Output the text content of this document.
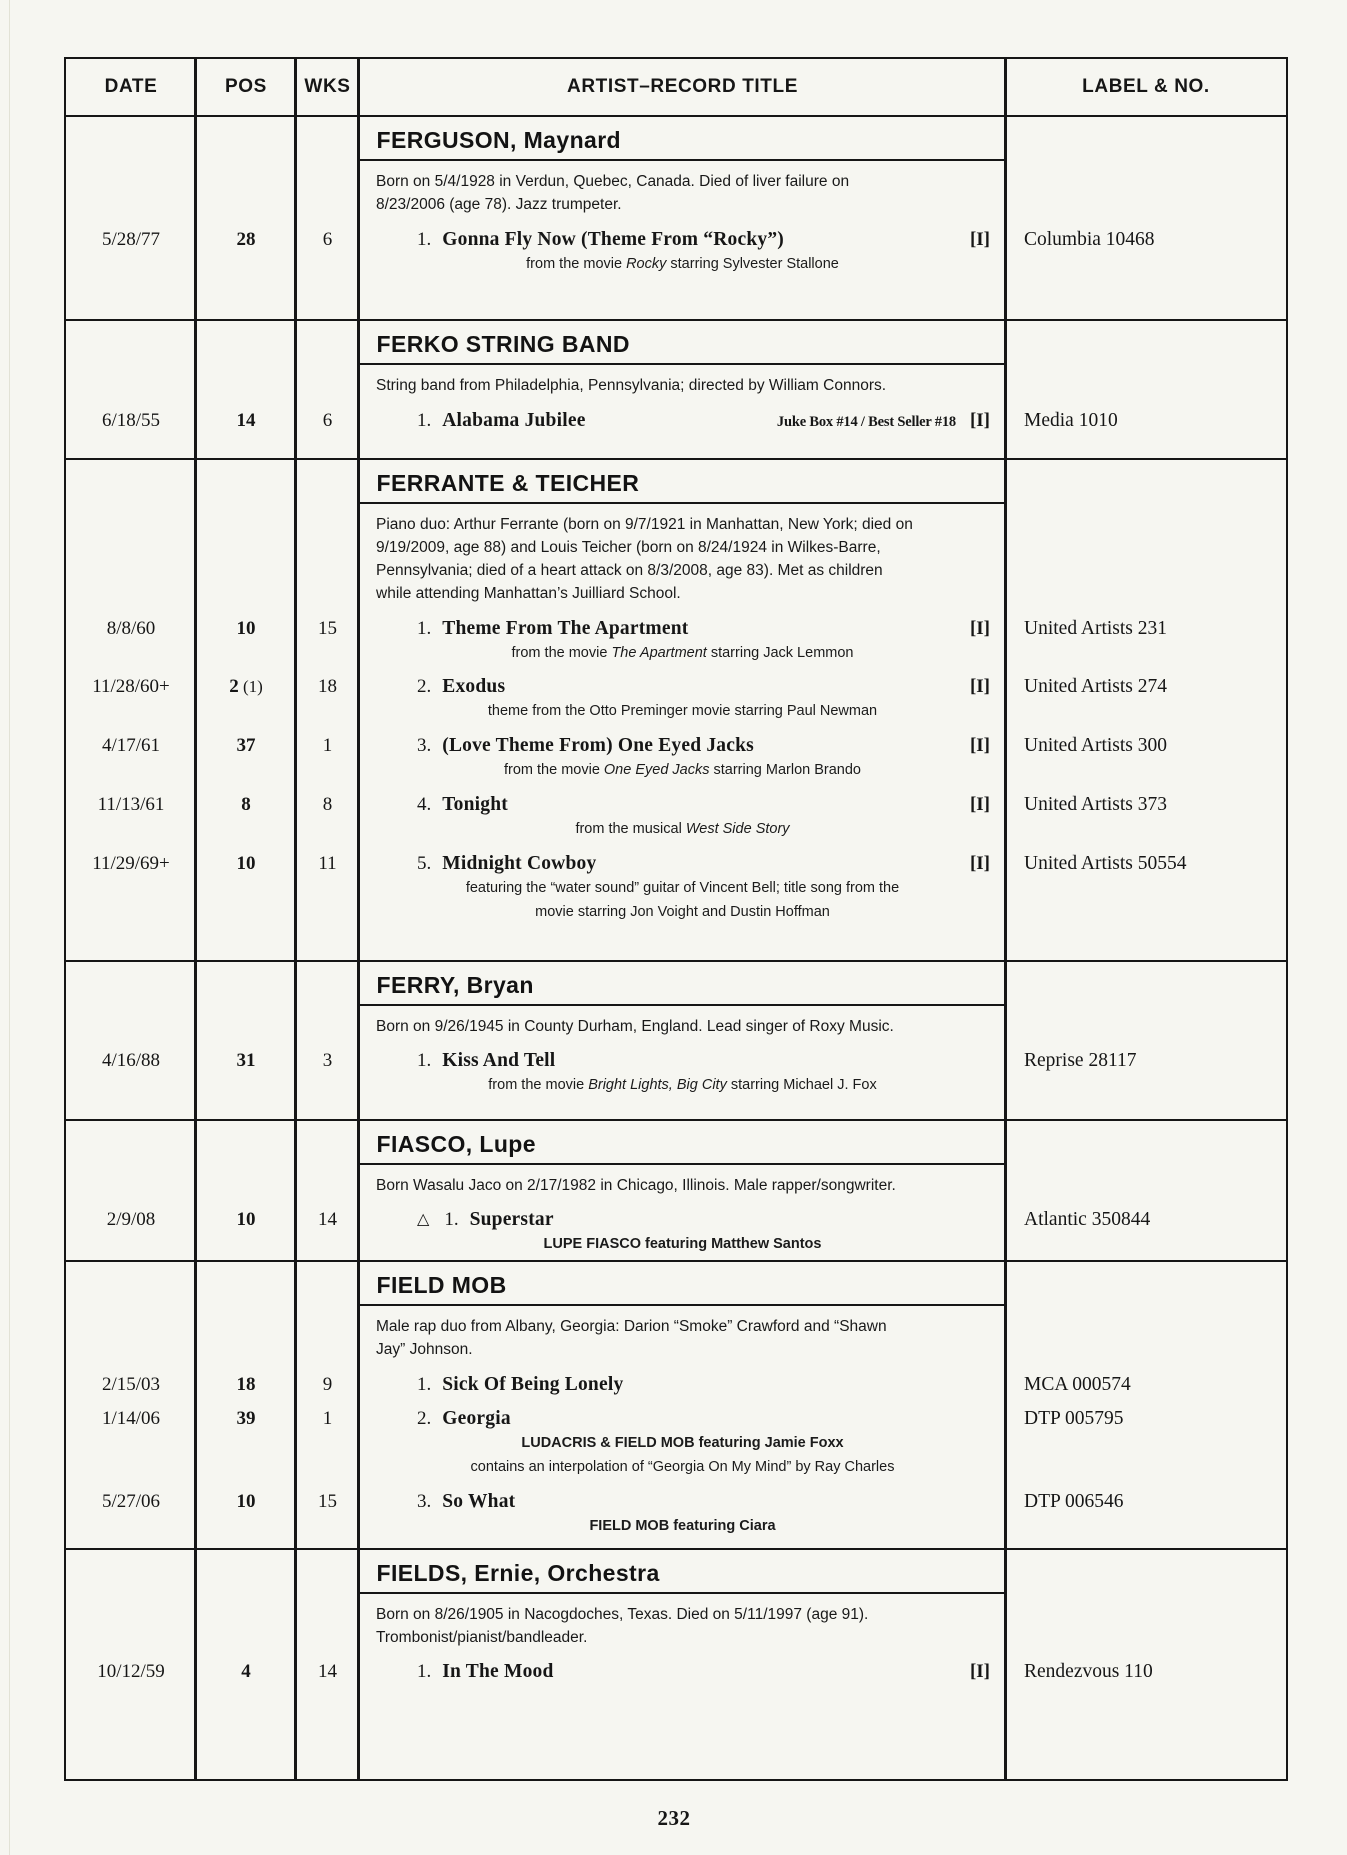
DATE	POS	WKS	ARTIST–RECORD TITLE	LABEL & NO.
FERGUSON, Maynard
Born on 5/4/1928 in Verdun, Quebec, Canada. Died of liver failure on
8/23/2006 (age 78). Jazz trumpeter.
5/28/77	28	6	1. Gonna Fly Now (Theme From “Rocky”)	[I]	Columbia 10468
from the movie Rocky starring Sylvester Stallone
FERKO STRING BAND
String band from Philadelphia, Pennsylvania; directed by William Connors.
6/18/55	14	6	1. Alabama Jubilee	Juke Box #14 / Best Seller #18 [I]	Media 1010
FERRANTE & TEICHER
Piano duo: Arthur Ferrante (born on 9/7/1921 in Manhattan, New York; died on
9/19/2009, age 88) and Louis Teicher (born on 8/24/1924 in Wilkes-Barre,
Pennsylvania; died of a heart attack on 8/3/2008, age 83). Met as children
while attending Manhattan’s Juilliard School.
8/8/60	10	15	1. Theme From The Apartment	[I]	United Artists 231
from the movie The Apartment starring Jack Lemmon
11/28/60+	2 (1)	18	2. Exodus	[I]	United Artists 274
theme from the Otto Preminger movie starring Paul Newman
4/17/61	37	1	3. (Love Theme From) One Eyed Jacks	[I]	United Artists 300
from the movie One Eyed Jacks starring Marlon Brando
11/13/61	8	8	4. Tonight	[I]	United Artists 373
from the musical West Side Story
11/29/69+	10	11	5. Midnight Cowboy	[I]	United Artists 50554
featuring the “water sound” guitar of Vincent Bell; title song from the
movie starring Jon Voight and Dustin Hoffman
FERRY, Bryan
Born on 9/26/1945 in County Durham, England. Lead singer of Roxy Music.
4/16/88	31	3	1. Kiss And Tell	Reprise 28117
from the movie Bright Lights, Big City starring Michael J. Fox
FIASCO, Lupe
Born Wasalu Jaco on 2/17/1982 in Chicago, Illinois. Male rapper/songwriter.
2/9/08	10	14	△ 1. Superstar	Atlantic 350844
LUPE FIASCO featuring Matthew Santos
FIELD MOB
Male rap duo from Albany, Georgia: Darion “Smoke” Crawford and “Shawn
Jay” Johnson.
2/15/03	18	9	1. Sick Of Being Lonely	MCA 000574
1/14/06	39	1	2. Georgia	DTP 005795
LUDACRIS & FIELD MOB featuring Jamie Foxx
contains an interpolation of “Georgia On My Mind” by Ray Charles
5/27/06	10	15	3. So What	DTP 006546
FIELD MOB featuring Ciara
FIELDS, Ernie, Orchestra
Born on 8/26/1905 in Nacogdoches, Texas. Died on 5/11/1997 (age 91).
Trombonist/pianist/bandleader.
10/12/59	4	14	1. In The Mood	[I]	Rendezvous 110
232
